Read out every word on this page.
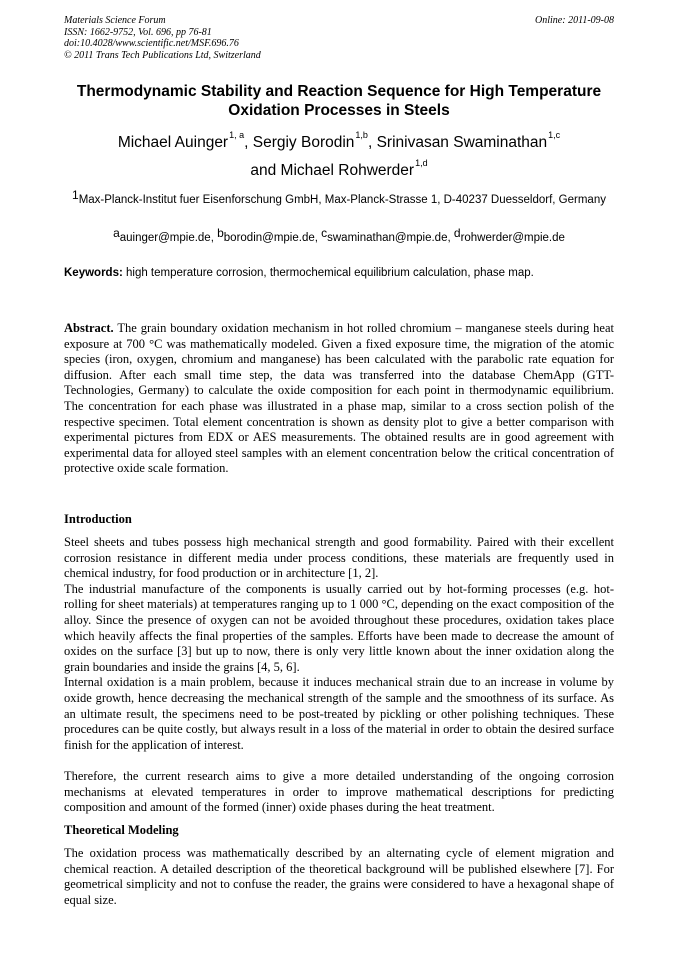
Materials Science Forum
ISSN: 1662-9752, Vol. 696, pp 76-81
doi:10.4028/www.scientific.net/MSF.696.76
© 2011 Trans Tech Publications Ltd, Switzerland
Online: 2011-09-08
Thermodynamic Stability and Reaction Sequence for High Temperature Oxidation Processes in Steels
Michael Auinger$^{1, a}$, Sergiy Borodin$^{1,b}$, Srinivasan Swaminathan$^{1,c}$
and Michael Rohwerder$^{1,d}$
$^1$Max-Planck-Institut fuer Eisenforschung GmbH, Max-Planck-Strasse 1, D-40237 Duesseldorf, Germany
$^a$auinger@mpie.de, $^b$borodin@mpie.de, $^c$swaminathan@mpie.de, $^d$rohwerder@mpie.de
Keywords: high temperature corrosion, thermochemical equilibrium calculation, phase map.
Abstract. The grain boundary oxidation mechanism in hot rolled chromium – manganese steels during heat exposure at 700 °C was mathematically modeled. Given a fixed exposure time, the migration of the atomic species (iron, oxygen, chromium and manganese) has been calculated with the parabolic rate equation for diffusion. After each small time step, the data was transferred into the database ChemApp (GTT-Technologies, Germany) to calculate the oxide composition for each point in thermodynamic equilibrium. The concentration for each phase was illustrated in a phase map, similar to a cross section polish of the respective specimen. Total element concentration is shown as density plot to give a better comparison with experimental pictures from EDX or AES measurements. The obtained results are in good agreement with experimental data for alloyed steel samples with an element concentration below the critical concentration of protective oxide scale formation.
Introduction

Steel sheets and tubes possess high mechanical strength and good formability. Paired with their excellent corrosion resistance in different media under process conditions, these materials are frequently used in chemical industry, for food production or in architecture [1, 2].

The industrial manufacture of the components is usually carried out by hot-forming processes (e.g. hot-rolling for sheet materials) at temperatures ranging up to 1 000 °C, depending on the exact composition of the alloy. Since the presence of oxygen can not be avoided throughout these procedures, oxidation takes place which heavily affects the final properties of the samples. Efforts have been made to decrease the amount of oxides on the surface [3] but up to now, there is only very little known about the inner oxidation along the grain boundaries and inside the grains [4, 5, 6].

Internal oxidation is a main problem, because it induces mechanical strain due to an increase in volume by oxide growth, hence decreasing the mechanical strength of the sample and the smoothness of its surface. As an ultimate result, the specimens need to be post-treated by pickling or other polishing techniques. These procedures can be quite costly, but always result in a loss of the material in order to obtain the desired surface finish for the application of interest.

Therefore, the current research aims to give a more detailed understanding of the ongoing corrosion mechanisms at elevated temperatures in order to improve mathematical descriptions for predicting composition and amount of the formed (inner) oxide phases during the heat treatment.

Theoretical Modeling

The oxidation process was mathematically described by an alternating cycle of element migration and chemical reaction. A detailed description of the theoretical background will be published elsewhere [7]. For geometrical simplicity and not to confuse the reader, the grains were considered to have a hexagonal shape of equal size.
